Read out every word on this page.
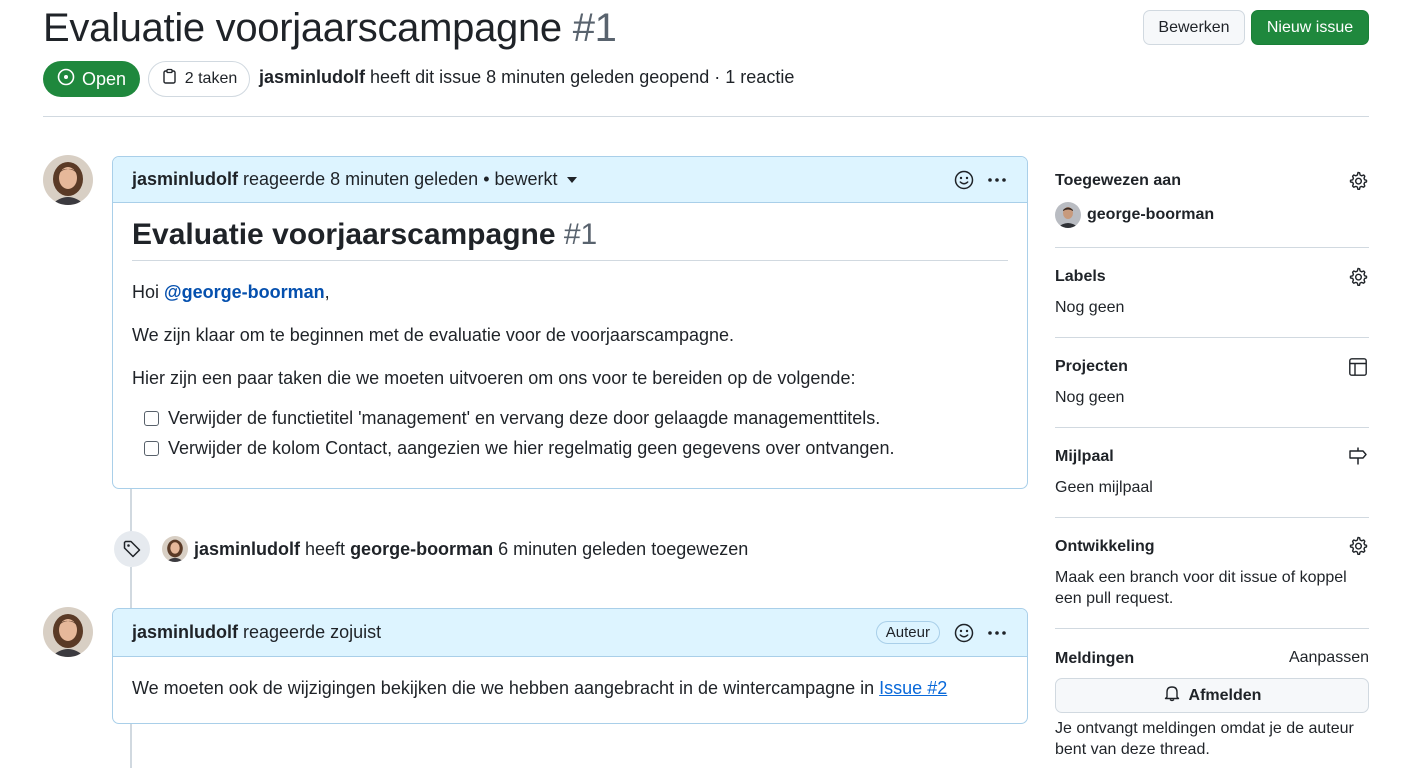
Evaluatie voorjaarscampagne #1	Bewerken	Nieuw issue
Open	2 taken jasminludolf heeft dit issue 8 minuten geleden geopend · 1 reactie
jasminludolf reageerde 8 minuten geleden • bewerkt
Evaluatie voorjaarscampagne #1
Hoi @george-boorman,
We zijn klaar om te beginnen met de evaluatie voor de voorjaarscampagne.
Hier zijn een paar taken die we moeten uitvoeren om ons voor te bereiden op de volgende:
Verwijder de functietitel 'management' en vervang deze door gelaagde managementtitels.
Verwijder de kolom Contact, aangezien we hier regelmatig geen gegevens over ontvangen.
jasminludolf heeft george-boorman 6 minuten geleden toegewezen
jasminludolf reageerde zojuist	Auteur
We moeten ook de wijzigingen bekijken die we hebben aangebracht in de wintercampagne in Issue #2
Toegewezen aan
george-boorman
Labels
Nog geen
Projecten
Nog geen
Mijlpaal
Geen mijlpaal
Ontwikkeling
Maak een branch voor dit issue of koppel
een pull request.
Meldingen	Aanpassen
Afmelden
Je ontvangt meldingen omdat je de auteur
bent van deze thread.
